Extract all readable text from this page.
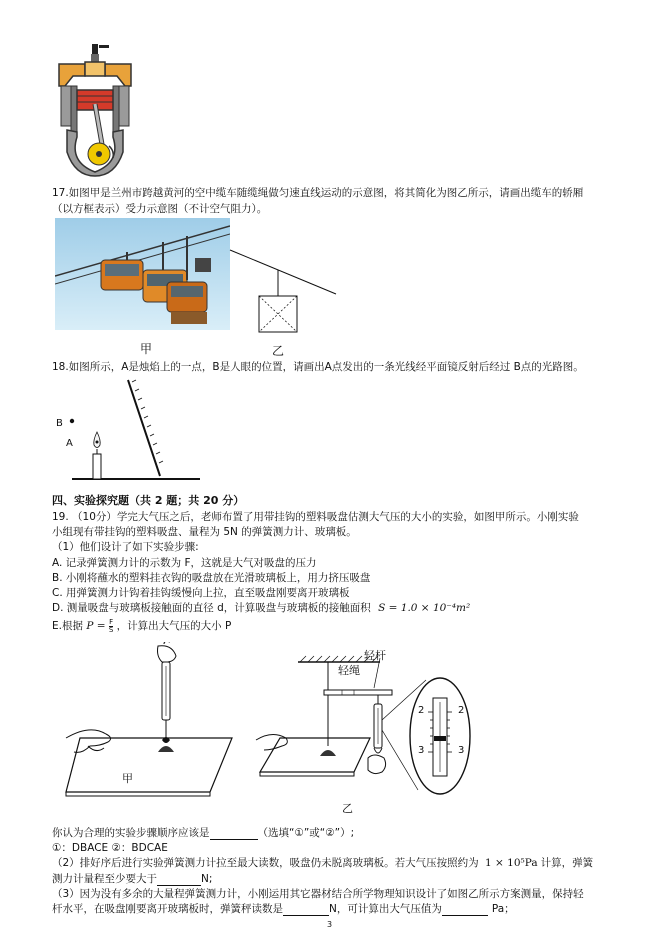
17.如图甲是兰州市跨越黄河的空中缆车随缆绳做匀速直线运动的示意图，将其简化为图乙所示，请画出缆车的轿厢
（以方框表示）受力示意图（不计空气阻力）。
甲	乙
18.如图所示，A是烛焰上的一点，B是人眼的位置，请画出A点发出的一条光线经平面镜反射后经过 B点的光路图。
B
A
四、实验探究题（共 2 题；共 20 分）
19. （10分）学完大气压之后，老师布置了用带挂钩的塑料吸盘估测大气压的大小的实验，如图甲所示。小刚实验
小组现有带挂钩的塑料吸盘、量程为 5N 的弹簧测力计、玻璃板。
（1）他们设计了如下实验步骤:
A. 记录弹簧测力计的示数为 F，这就是大气对吸盘的压力
B. 小刚将蘸水的塑料挂衣钩的吸盘放在光滑玻璃板上，用力挤压吸盘
C. 用弹簧测力计钩着挂钩缓慢向上拉，直至吸盘刚要离开玻璃板
D. 测量吸盘与玻璃板接触面的直径 d，计算吸盘与玻璃板的接触面积 S = 1.0 × 10⁻⁴m²
E.根据 $P = \frac{F}{S}$ ，计算出大气压的大小 P
甲
轻绳
轻杆
2	2
3	3
乙
你认为合理的实验步骤顺序应该是	（选填“①”或“②”）;
①：DBACE ②：BDCAE
（2）排好序后进行实验弹簧测力计拉至最大读数，吸盘仍未脱离玻璃板。若大气压按照约为 1 × 10⁵Pa 计算，弹簧
测力计量程至少要大于	N;
（3）因为没有多余的大量程弹簧测力计，小刚运用其它器材结合所学物理知识设计了如图乙所示方案测量，保持轻
杆水平，在吸盘刚要离开玻璃板时，弹簧秤读数是	N，可计算出大气压值为	Pa；
3
